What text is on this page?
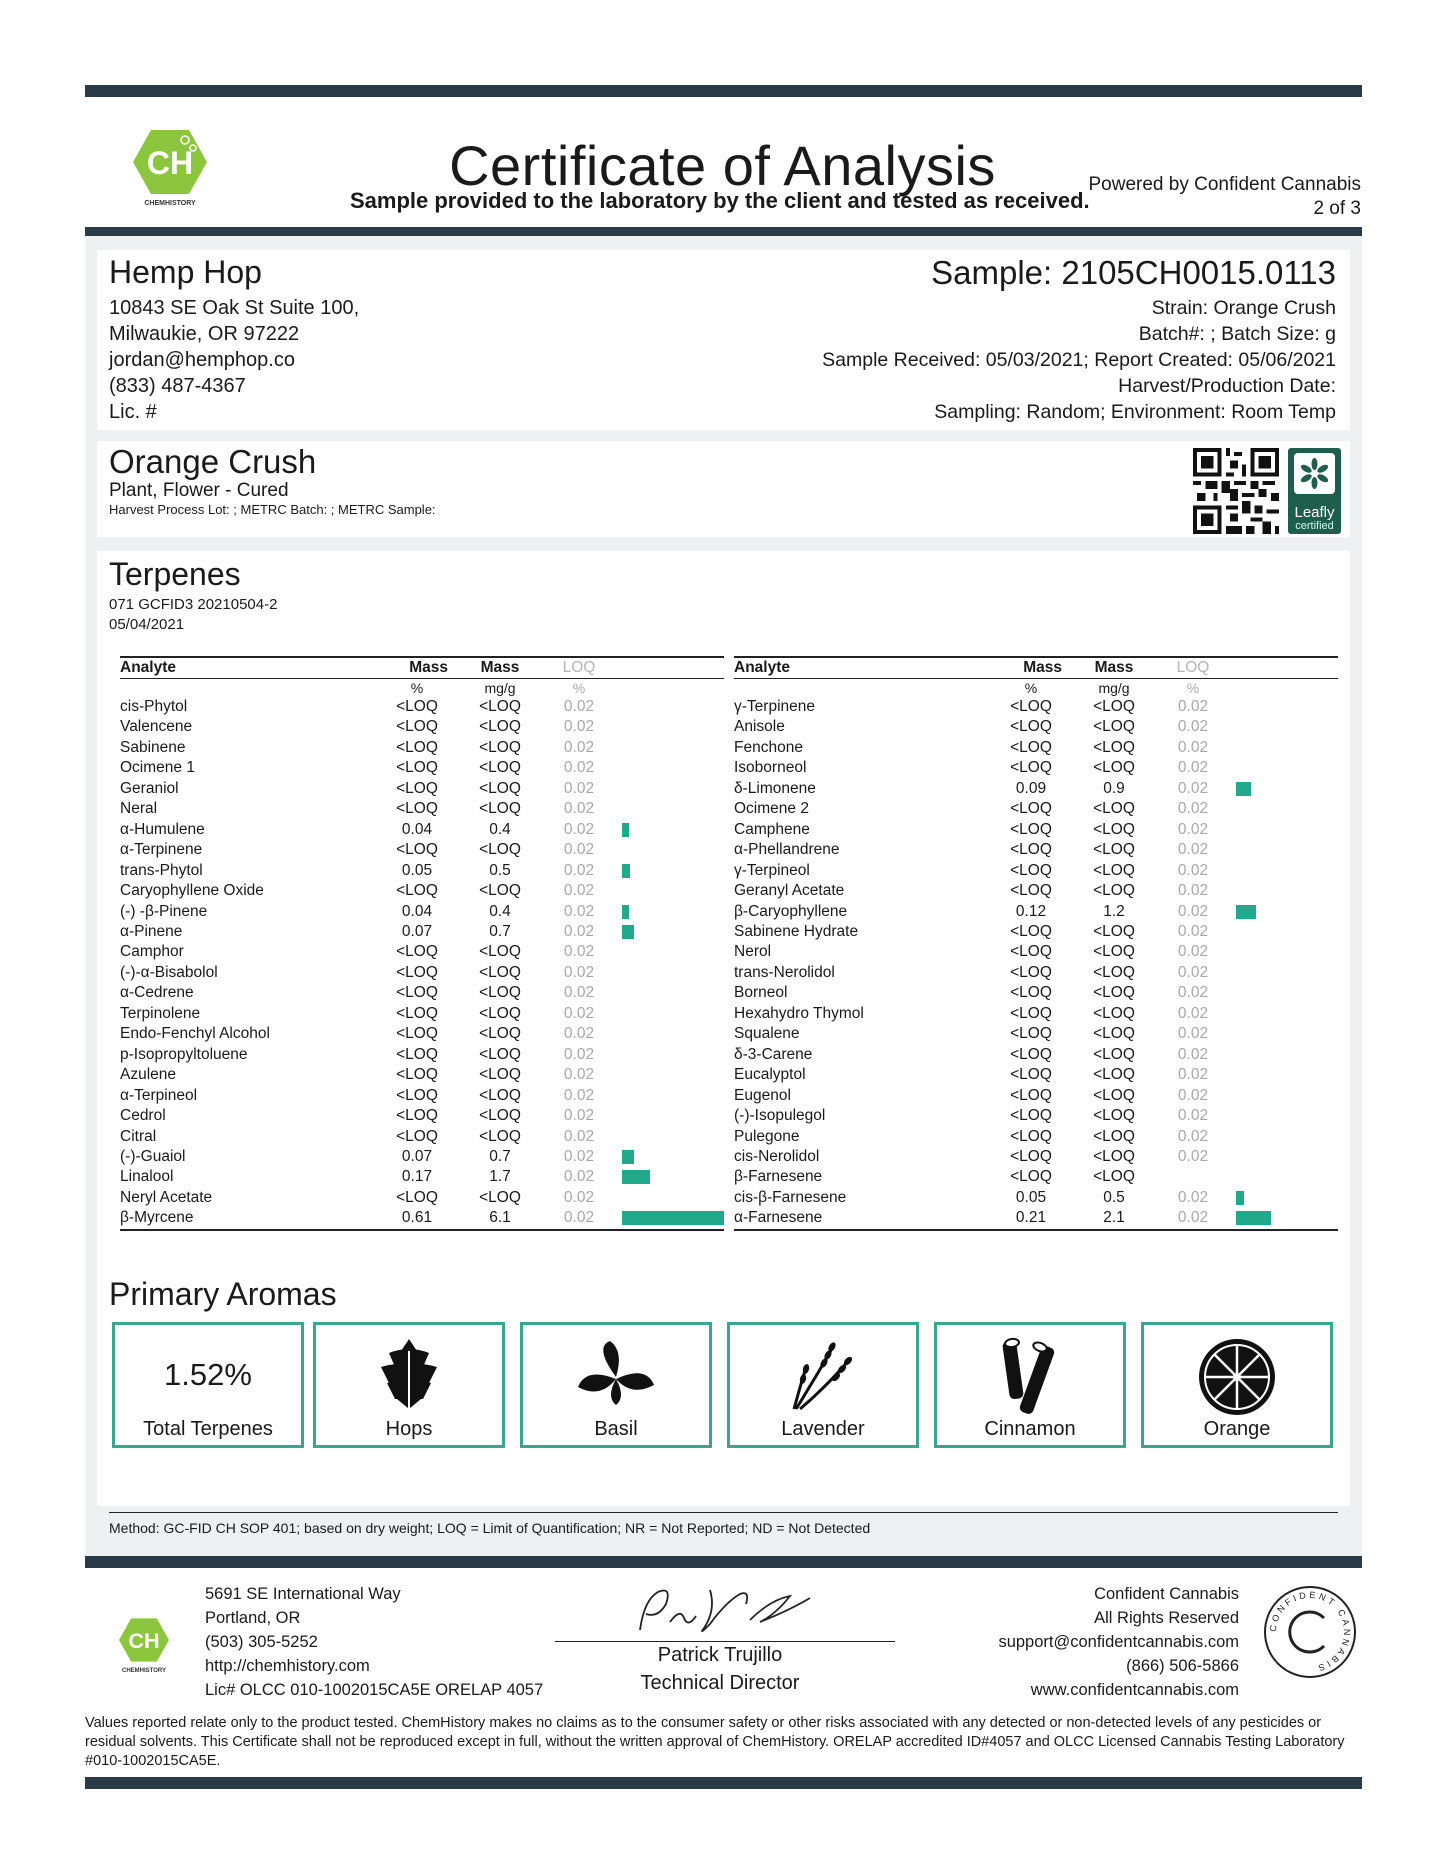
CH
CHEMHISTORY
Certificate of Analysis
Sample provided to the laboratory by the client and tested as received.
Powered by Confident Cannabis
2 of 3
Hemp Hop
10843 SE Oak St Suite 100,
Milwaukie, OR 97222
jordan@hemphop.co
(833) 487-4367
Lic. #
Sample: 2105CH0015.0113
Strain: Orange Crush
Batch#: ; Batch Size: g
Sample Received: 05/03/2021; Report Created: 05/06/2021
Harvest/Production Date:
Sampling: Random; Environment: Room Temp
Orange Crush
Plant, Flower - Cured
Harvest Process Lot: ; METRC Batch: ; METRC Sample:	Leafly
certified
Terpenes
071 GCFID3 20210504-2
05/04/2021
Analyte	Mass	Mass	LOQ	
	%	mg/g	%	
cis-Phytol	<LOQ	<LOQ	0.02	
Valencene	<LOQ	<LOQ	0.02	
Sabinene	<LOQ	<LOQ	0.02	
Ocimene 1	<LOQ	<LOQ	0.02	
Geraniol	<LOQ	<LOQ	0.02	
Neral	<LOQ	<LOQ	0.02	
α-Humulene	0.04	0.4	0.02	

α-Terpinene	<LOQ	<LOQ	0.02	
trans-Phytol	0.05	0.5	0.02	

Caryophyllene Oxide	<LOQ	<LOQ	0.02	
(-) -β-Pinene	0.04	0.4	0.02	

α-Pinene	0.07	0.7	0.02	

Camphor	<LOQ	<LOQ	0.02	
(-)-α-Bisabolol	<LOQ	<LOQ	0.02	
α-Cedrene	<LOQ	<LOQ	0.02	
Terpinolene	<LOQ	<LOQ	0.02	
Endo-Fenchyl Alcohol	<LOQ	<LOQ	0.02	
p-Isopropyltoluene	<LOQ	<LOQ	0.02	
Azulene	<LOQ	<LOQ	0.02	
α-Terpineol	<LOQ	<LOQ	0.02	
Cedrol	<LOQ	<LOQ	0.02	
Citral	<LOQ	<LOQ	0.02	
(-)-Guaiol	0.07	0.7	0.02	

Linalool	0.17	1.7	0.02	

Neryl Acetate	<LOQ	<LOQ	0.02	
β-Myrcene	0.61	6.1	0.02	
Analyte	Mass	Mass	LOQ	
	%	mg/g	%	
γ-Terpinene	<LOQ	<LOQ	0.02	
Anisole	<LOQ	<LOQ	0.02	
Fenchone	<LOQ	<LOQ	0.02	
Isoborneol	<LOQ	<LOQ	0.02	
δ-Limonene	0.09	0.9	0.02	

Ocimene 2	<LOQ	<LOQ	0.02	
Camphene	<LOQ	<LOQ	0.02	
α-Phellandrene	<LOQ	<LOQ	0.02	
γ-Terpineol	<LOQ	<LOQ	0.02	
Geranyl Acetate	<LOQ	<LOQ	0.02	
β-Caryophyllene	0.12	1.2	0.02	

Sabinene Hydrate	<LOQ	<LOQ	0.02	
Nerol	<LOQ	<LOQ	0.02	
trans-Nerolidol	<LOQ	<LOQ	0.02	
Borneol	<LOQ	<LOQ	0.02	
Hexahydro Thymol	<LOQ	<LOQ	0.02	
Squalene	<LOQ	<LOQ	0.02	
δ-3-Carene	<LOQ	<LOQ	0.02	
Eucalyptol	<LOQ	<LOQ	0.02	
Eugenol	<LOQ	<LOQ	0.02	
(-)-Isopulegol	<LOQ	<LOQ	0.02	
Pulegone	<LOQ	<LOQ	0.02	
cis-Nerolidol	<LOQ	<LOQ	0.02	
β-Farnesene	<LOQ	<LOQ		
cis-β-Farnesene	0.05	0.5	0.02	

α-Farnesene	0.21	2.1	0.02	
Primary Aromas
1.52%
Total Terpenes	Hops	Basil	Lavender	Cinnamon	Orange
Method: GC-FID CH SOP 401; based on dry weight; LOQ = Limit of Quantification; NR = Not Reported; ND = Not Detected
CH
CHEMHISTORY
5691 SE International Way
Portland, OR
(503) 305-5252
http://chemhistory.com
Lic# OLCC 010-1002015CA5E ORELAP 4057
Patrick Trujillo
Technical Director
Confident Cannabis
All Rights Reserved
support@confidentcannabis.com
(866) 506-5866
www.confidentcannabis.com
CONFIDENT CANNABIS
Values reported relate only to the product tested. ChemHistory makes no claims as to the consumer safety or other risks associated with any detected or non-detected levels of any pesticides or residual solvents. This Certificate shall not be reproduced except in full, without the written approval of ChemHistory. ORELAP accredited ID#4057 and OLCC Licensed Cannabis Testing Laboratory #010-1002015CA5E.
